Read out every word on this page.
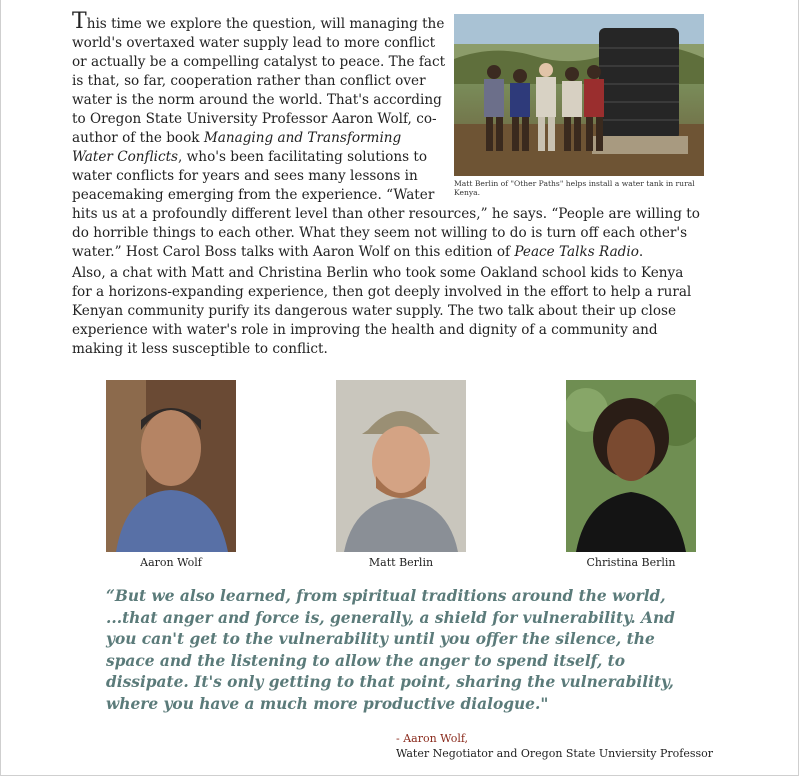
Matt Berlin of "Other Paths" helps install a water tank in rural Kenya.

This time we explore the question, will managing the world's overtaxed water supply lead to more conflict or actually be a compelling catalyst to peace. The fact is that, so far, cooperation rather than conflict over water is the norm around the world. That's according to Oregon State University Professor Aaron Wolf, co-author of the book Managing and Transforming Water Conflicts, who's been facilitating solutions to water conflicts for years and sees many lessons in peacemaking emerging from the experience. “Water hits us at a profoundly different level than other resources,” he says. “People are willing to do horrible things to each other. What they seem not willing to do is turn off each other's water.” Host Carol Boss talks with Aaron Wolf on this edition of Peace Talks Radio.

Also, a chat with Matt and Christina Berlin who took some Oakland school kids to Kenya for a horizons-expanding experience, then got deeply involved in the effort to help a rural Kenyan community purify its dangerous water supply. The two talk about their up close experience with water's role in improving the health and dignity of a community and making it less susceptible to conflict.

Aaron Wolf	Matt Berlin	Christina Berlin

“But we also learned, from spiritual traditions around the world, ...that anger and force is, generally, a shield for vulnerability. And you can't get to the vulnerability until you offer the silence, the space and the listening to allow the anger to spend itself, to dissipate. It's only getting to that point, sharing the vulnerability, where you have a much more productive dialogue."

- Aaron Wolf,
Water Negotiator and Oregon State Unviersity Professor
